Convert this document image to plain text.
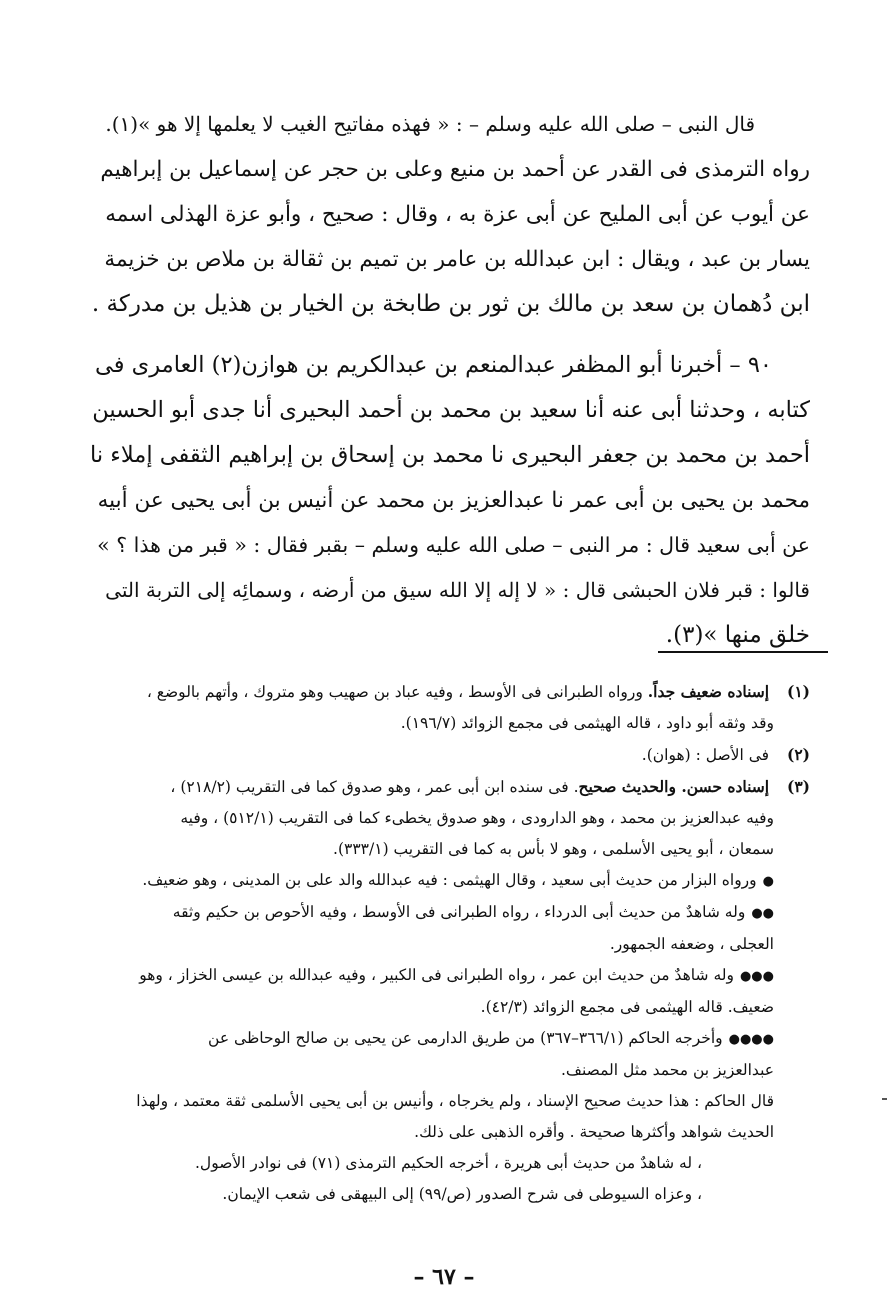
قال النبى – صلى الله عليه وسلم – : « فهذه مفاتيح الغيب لا يعلمها إلا هو »(١).
رواه الترمذى فى القدر عن أحمد بن منيع وعلى بن حجر عن إسماعيل بن إبراهيم
عن أيوب عن أبى المليح عن أبى عزة به ، وقال : صحيح ، وأبو عزة الهذلى اسمه
يسار بن عبد ، ويقال : ابن عبدالله بن عامر بن تميم بن ثقالة بن ملاص بن خزيمة
ابن دُهمان بن سعد بن مالك بن ثور بن طابخة بن الخيار بن هذيل بن مدركة .
٩٠ – أخبرنا أبو المظفر عبدالمنعم بن عبدالكريم بن هوازن(٢) العامرى فى
كتابه ، وحدثنا أبى عنه أنا سعيد بن محمد بن أحمد البحيرى أنا جدى أبو الحسين
أحمد بن محمد بن جعفر البحيرى نا محمد بن إسحاق بن إبراهيم الثقفى إملاء نا
محمد بن يحيى بن أبى عمر نا عبدالعزيز بن محمد عن أنيس بن أبى يحيى عن أبيه
عن أبى سعيد قال : مر النبى – صلى الله عليه وسلم – بقبر فقال : « قبر من هذا ؟ »
قالوا : قبر فلان الحبشى قال : « لا إله إلا الله سيق من أرضه ، وسمائِه إلى التربة التى
خلق منها »(٣).
(١) إسناده ضعيف جداً. ورواه الطبرانى فى الأوسط ، وفيه عباد بن صهيب وهو متروك ، وأتهم بالوضع ،
وقد وثقه أبو داود ، قاله الهيثمى فى مجمع الزوائد (١٩٦/٧).
(٢) فى الأصل : (هوان).
(٣) إسناده حسن. والحديث صحيح. فى سنده ابن أبى عمر ، وهو صدوق كما فى التقريب (٢١٨/٢) ،
وفيه عبدالعزيز بن محمد ، وهو الدارودى ، وهو صدوق يخطىء كما فى التقريب (٥١٢/١) ، وفيه
سمعان ، أبو يحيى الأسلمى ، وهو لا بأس به كما فى التقريب (٣٣٣/١).
●ورواه البزار من حديث أبى سعيد ، وقال الهيثمى : فيه عبدالله والد على بن المدينى ، وهو ضعيف.
●●وله شاهدٌ من حديث أبى الدرداء ، رواه الطبرانى فى الأوسط ، وفيه الأحوص بن حكيم وثقه
العجلى ، وضعفه الجمهور.
●●●وله شاهدٌ من حديث ابن عمر ، رواه الطبرانى فى الكبير ، وفيه عبدالله بن عيسى الخزاز ، وهو
ضعيف. قاله الهيثمى فى مجمع الزوائد (٤٢/٣).
●●●●وأخرجه الحاكم (٣٦٦/١–٣٦٧) من طريق الدارمى عن يحيى بن صالح الوحاظى عن
عبدالعزيز بن محمد مثل المصنف.
قال الحاكم : هذا حديث صحيح الإسناد ، ولم يخرجاه ، وأنيس بن أبى يحيى الأسلمى ثقة معتمد ، ولهذا
الحديث شواهد وأكثرها صحيحة . وأقره الذهبى على ذلك.
، له شاهدٌ من حديث أبى هريرة ، أخرجه الحكيم الترمذى (٧١) فى نوادر الأصول.
، وعزاه السيوطى فى شرح الصدور (ص/٩٩) إلى البيهقى فى شعب الإيمان.
– ٦٧ –
